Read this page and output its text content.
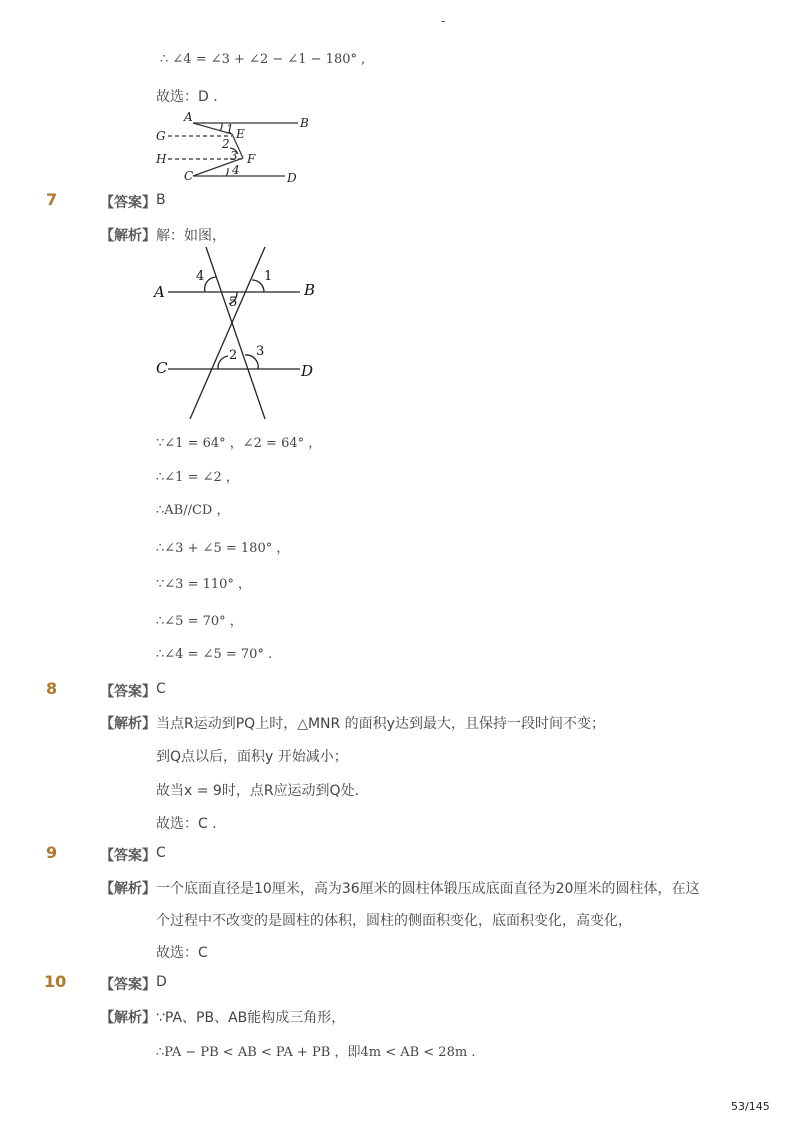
-
∴ ∠4 = ∠3 + ∠2 − ∠1 − 180° ,
故选：D .
A	B
G	E
H	F
C	D
1
2
3
4
7	【答案】 B
【解析】 解：如图，
A	B
C	D
4	1
5
2 3
∵∠1 = 64° ，∠2 = 64° ，
∴∠1 = ∠2 ，
∴AB//CD ，
∴∠3 + ∠5 = 180° ，
∵∠3 = 110° ，
∴∠5 = 70° ，
∴∠4 = ∠5 = 70° .
8	【答案】 C
【解析】 当点R运动到PQ上时，△MNR 的面积y达到最大，且保持一段时间不变；
到Q点以后，面积y 开始减小；
故当x = 9时，点R应运动到Q处．
故选：C .
9	【答案】 C
【解析】 一个底面直径是10厘米，高为36厘米的圆柱体锻压成底面直径为20厘米的圆柱体，在这
个过程中不改变的是圆柱的体积，圆柱的侧面积变化，底面积变化，高变化，
故选：C
10 【答案】 D
【解析】 ∵PA、PB、AB能构成三角形，
∴PA − PB < AB < PA + PB ，即4m < AB < 28m .
53/145
